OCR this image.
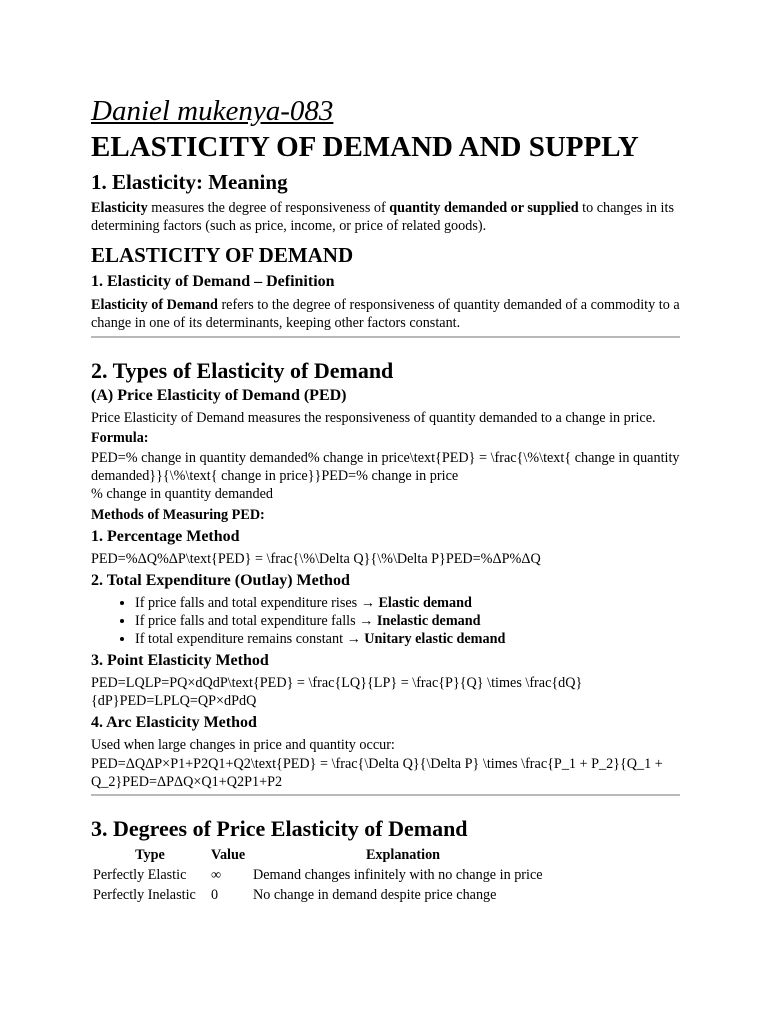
Daniel mukenya-083
ELASTICITY OF DEMAND AND SUPPLY
1. Elasticity: Meaning

Elasticity measures the degree of responsiveness of quantity demanded or supplied to changes in its determining factors (such as price, income, or price of related goods).

ELASTICITY OF DEMAND
1. Elasticity of Demand – Definition

Elasticity of Demand refers to the degree of responsiveness of quantity demanded of a commodity to a change in one of its determinants, keeping other factors constant.

2. Types of Elasticity of Demand
(A) Price Elasticity of Demand (PED)

Price Elasticity of Demand measures the responsiveness of quantity demanded to a change in price.

Formula:

PED=% change in quantity demanded% change in price\text{PED} = \frac{\%\text{ change in quantity demanded}}{\%\text{ change in price}}PED=% change in price

% change in quantity demanded

Methods of Measuring PED:

1. Percentage Method

PED=%ΔQ%ΔP\text{PED} = \frac{\%\Delta Q}{\%\Delta P}PED=%ΔP%ΔQ

2. Total Expenditure (Outlay) Method
• If price falls and total expenditure rises → Elastic demand
• If price falls and total expenditure falls → Inelastic demand
• If total expenditure remains constant → Unitary elastic demand
3. Point Elasticity Method

PED=LQLP=PQ×dQdP\text{PED} = \frac{LQ}{LP} = \frac{P}{Q} \times \frac{dQ}{dP}PED=LPLQ=QP×dPdQ

4. Arc Elasticity Method

Used when large changes in price and quantity occur:

PED=ΔQΔP×P1+P2Q1+Q2\text{PED} = \frac{\Delta Q}{\Delta P} \times \frac{P_1 + P_2}{Q_1 + Q_2}PED=ΔPΔQ×Q1+Q2P1+P2

3. Degrees of Price Elasticity of Demand
Type	Value	Explanation
Perfectly Elastic	∞	Demand changes infinitely with no change in price
Perfectly Inelastic	0	No change in demand despite price change
